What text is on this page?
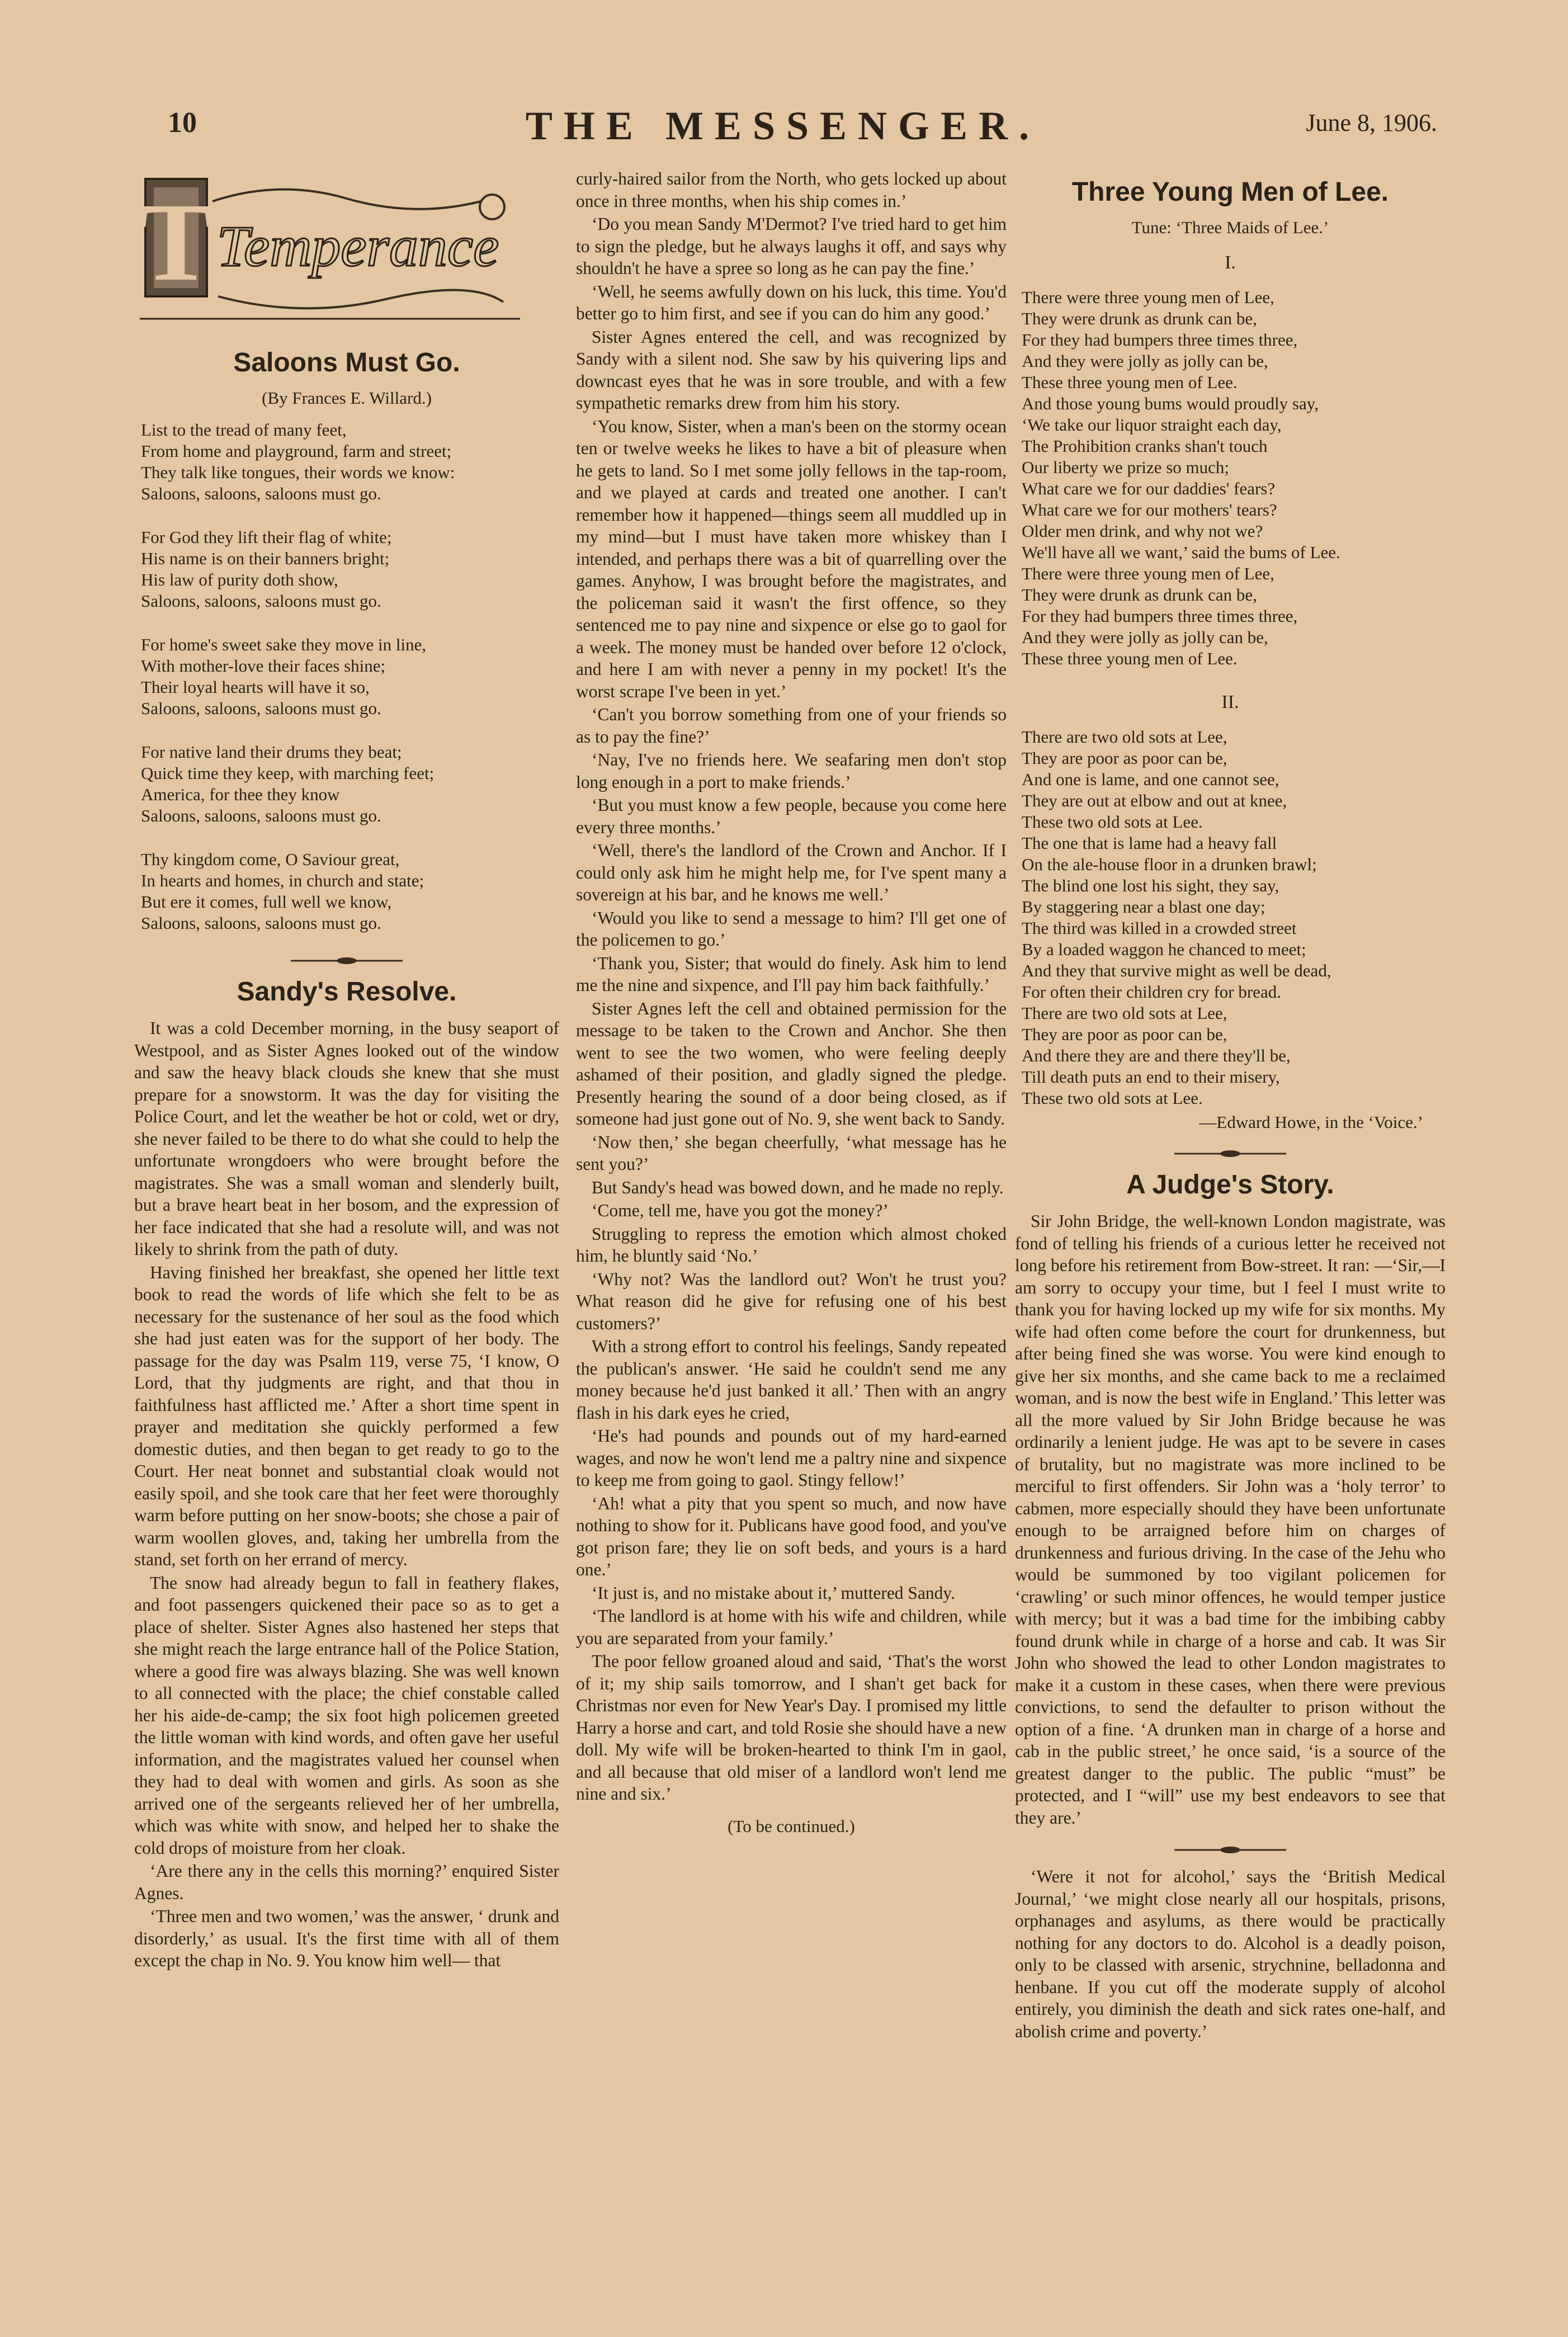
10	THE MESSENGER.	June 8, 1906.
T Temperance
Saloons Must Go.
(By Frances E. Willard.)
List to the tread of many feet,
From home and playground, farm and street;
They talk like tongues, their words we know:
Saloons, saloons, saloons must go.
For God they lift their flag of white;
His name is on their banners bright;
His law of purity doth show,
Saloons, saloons, saloons must go.
For home's sweet sake they move in line,
With mother-love their faces shine;
Their loyal hearts will have it so,
Saloons, saloons, saloons must go.
For native land their drums they beat;
Quick time they keep, with marching feet;
America, for thee they know
Saloons, saloons, saloons must go.
Thy kingdom come, O Saviour great,
In hearts and homes, in church and state;
But ere it comes, full well we know,
Saloons, saloons, saloons must go.
Sandy's Resolve.

It was a cold December morning, in the busy seaport of Westpool, and as Sister Agnes looked out of the window and saw the heavy black clouds she knew that she must prepare for a snowstorm. It was the day for visiting the Police Court, and let the weather be hot or cold, wet or dry, she never failed to be there to do what she could to help the unfortunate wrongdoers who were brought before the magistrates. She was a small woman and slenderly built, but a brave heart beat in her bosom, and the expression of her face indicated that she had a resolute will, and was not likely to shrink from the path of duty.

Having finished her breakfast, she opened her little text book to read the words of life which she felt to be as necessary for the sustenance of her soul as the food which she had just eaten was for the support of her body. The passage for the day was Psalm 119, verse 75, ‘I know, O Lord, that thy judgments are right, and that thou in faithfulness hast afflicted me.’ After a short time spent in prayer and meditation she quickly performed a few domestic duties, and then began to get ready to go to the Court. Her neat bonnet and substantial cloak would not easily spoil, and she took care that her feet were thoroughly warm before putting on her snow-boots; she chose a pair of warm woollen gloves, and, taking her umbrella from the stand, set forth on her errand of mercy.

The snow had already begun to fall in feathery flakes, and foot passengers quickened their pace so as to get a place of shelter. Sister Agnes also hastened her steps that she might reach the large entrance hall of the Police Station, where a good fire was always blazing. She was well known to all connected with the place; the chief constable called her his aide-de-camp; the six foot high policemen greeted the little woman with kind words, and often gave her useful information, and the magistrates valued her counsel when they had to deal with women and girls. As soon as she arrived one of the sergeants relieved her of her umbrella, which was white with snow, and helped her to shake the cold drops of moisture from her cloak.

‘Are there any in the cells this morning?’ enquired Sister Agnes.

‘Three men and two women,’ was the answer, ‘ drunk and disorderly,’ as usual. It's the first time with all of them except the chap in No. 9. You know him well— that

curly-haired sailor from the North, who gets locked up about once in three months, when his ship comes in.’

‘Do you mean Sandy M'Dermot? I've tried hard to get him to sign the pledge, but he always laughs it off, and says why shouldn't he have a spree so long as he can pay the fine.’

‘Well, he seems awfully down on his luck, this time. You'd better go to him first, and see if you can do him any good.’

Sister Agnes entered the cell, and was recognized by Sandy with a silent nod. She saw by his quivering lips and downcast eyes that he was in sore trouble, and with a few sympathetic remarks drew from him his story.

‘You know, Sister, when a man's been on the stormy ocean ten or twelve weeks he likes to have a bit of pleasure when he gets to land. So I met some jolly fellows in the tap-room, and we played at cards and treated one another. I can't remember how it happened—things seem all muddled up in my mind—but I must have taken more whiskey than I intended, and perhaps there was a bit of quarrelling over the games. Anyhow, I was brought before the magistrates, and the policeman said it wasn't the first offence, so they sentenced me to pay nine and sixpence or else go to gaol for a week. The money must be handed over before 12 o'clock, and here I am with never a penny in my pocket! It's the worst scrape I've been in yet.’

‘Can't you borrow something from one of your friends so as to pay the fine?’

‘Nay, I've no friends here. We seafaring men don't stop long enough in a port to make friends.’

‘But you must know a few people, because you come here every three months.’

‘Well, there's the landlord of the Crown and Anchor. If I could only ask him he might help me, for I've spent many a sovereign at his bar, and he knows me well.’

‘Would you like to send a message to him? I'll get one of the policemen to go.’

‘Thank you, Sister; that would do finely. Ask him to lend me the nine and sixpence, and I'll pay him back faithfully.’

Sister Agnes left the cell and obtained permission for the message to be taken to the Crown and Anchor. She then went to see the two women, who were feeling deeply ashamed of their position, and gladly signed the pledge. Presently hearing the sound of a door being closed, as if someone had just gone out of No. 9, she went back to Sandy.

‘Now then,’ she began cheerfully, ‘what message has he sent you?’

But Sandy's head was bowed down, and he made no reply.

‘Come, tell me, have you got the money?’

Struggling to repress the emotion which almost choked him, he bluntly said ‘No.’

‘Why not? Was the landlord out? Won't he trust you? What reason did he give for refusing one of his best customers?’

With a strong effort to control his feelings, Sandy repeated the publican's answer. ‘He said he couldn't send me any money because he'd just banked it all.’ Then with an angry flash in his dark eyes he cried,

‘He's had pounds and pounds out of my hard-earned wages, and now he won't lend me a paltry nine and sixpence to keep me from going to gaol. Stingy fellow!’

‘Ah! what a pity that you spent so much, and now have nothing to show for it. Publicans have good food, and you've got prison fare; they lie on soft beds, and yours is a hard one.’

‘It just is, and no mistake about it,’ muttered Sandy.

‘The landlord is at home with his wife and children, while you are separated from your family.’

The poor fellow groaned aloud and said, ‘That's the worst of it; my ship sails tomorrow, and I shan't get back for Christmas nor even for New Year's Day. I promised my little Harry a horse and cart, and told Rosie she should have a new doll. My wife will be broken-hearted to think I'm in gaol, and all because that old miser of a landlord won't lend me nine and six.’

(To be continued.)
Three Young Men of Lee.
Tune: ‘Three Maids of Lee.’
I.
There were three young men of Lee,
They were drunk as drunk can be,
For they had bumpers three times three,
And they were jolly as jolly can be,
These three young men of Lee.
And those young bums would proudly say,
‘We take our liquor straight each day,
The Prohibition cranks shan't touch
Our liberty we prize so much;
What care we for our daddies' fears?
What care we for our mothers' tears?
Older men drink, and why not we?
We'll have all we want,’ said the bums of Lee.
There were three young men of Lee,
They were drunk as drunk can be,
For they had bumpers three times three,
And they were jolly as jolly can be,
These three young men of Lee.
II.
There are two old sots at Lee,
They are poor as poor can be,
And one is lame, and one cannot see,
They are out at elbow and out at knee,
These two old sots at Lee.
The one that is lame had a heavy fall
On the ale-house floor in a drunken brawl;
The blind one lost his sight, they say,
By staggering near a blast one day;
The third was killed in a crowded street
By a loaded waggon he chanced to meet;
And they that survive might as well be dead,
For often their children cry for bread.
There are two old sots at Lee,
They are poor as poor can be,
And there they are and there they'll be,
Till death puts an end to their misery,
These two old sots at Lee.
—Edward Howe, in the ‘Voice.’
A Judge's Story.

Sir John Bridge, the well-known London magistrate, was fond of telling his friends of a curious letter he received not long before his retirement from Bow-street. It ran: —‘Sir,—I am sorry to occupy your time, but I feel I must write to thank you for having locked up my wife for six months. My wife had often come before the court for drunkenness, but after being fined she was worse. You were kind enough to give her six months, and she came back to me a reclaimed woman, and is now the best wife in England.’ This letter was all the more valued by Sir John Bridge because he was ordinarily a lenient judge. He was apt to be severe in cases of brutality, but no magistrate was more inclined to be merciful to first offenders. Sir John was a ‘holy terror’ to cabmen, more especially should they have been unfortunate enough to be arraigned before him on charges of drunkenness and furious driving. In the case of the Jehu who would be summoned by too vigilant policemen for ‘crawling’ or such minor offences, he would temper justice with mercy; but it was a bad time for the imbibing cabby found drunk while in charge of a horse and cab. It was Sir John who showed the lead to other London magistrates to make it a custom in these cases, when there were previous convictions, to send the defaulter to prison without the option of a fine. ‘A drunken man in charge of a horse and cab in the public street,’ he once said, ‘is a source of the greatest danger to the public. The public “must” be protected, and I “will” use my best endeavors to see that they are.’

‘Were it not for alcohol,’ says the ‘British Medical Journal,’ ‘we might close nearly all our hospitals, prisons, orphanages and asylums, as there would be practically nothing for any doctors to do. Alcohol is a deadly poison, only to be classed with arsenic, strychnine, belladonna and henbane. If you cut off the moderate supply of alcohol entirely, you diminish the death and sick rates one-half, and abolish crime and poverty.’
